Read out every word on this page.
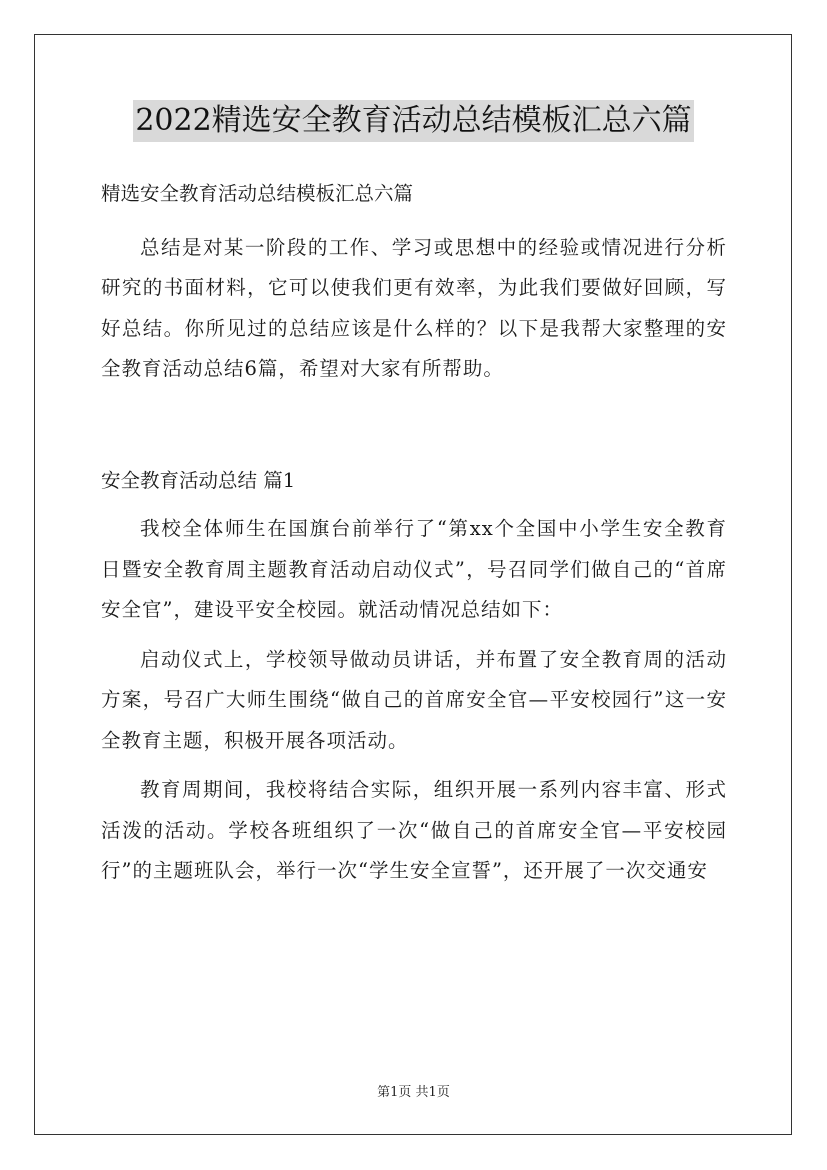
2022精选安全教育活动总结模板汇总六篇

精选安全教育活动总结模板汇总六篇

总结是对某一阶段的工作、学习或思想中的经验或情况进行分析研究的书面材料，它可以使我们更有效率，为此我们要做好回顾，写好总结。你所见过的总结应该是什么样的？以下是我帮大家整理的安全教育活动总结6篇，希望对大家有所帮助。

安全教育活动总结 篇1

我校全体师生在国旗台前举行了“第xx个全国中小学生安全教育日暨安全教育周主题教育活动启动仪式”，号召同学们做自己的“首席安全官”，建设平安全校园。就活动情况总结如下：

启动仪式上，学校领导做动员讲话，并布置了安全教育周的活动方案，号召广大师生围绕“做自己的首席安全官—平安校园行”这一安全教育主题，积极开展各项活动。

教育周期间，我校将结合实际，组织开展一系列内容丰富、形式活泼的活动。学校各班组织了一次“做自己的首席安全官—平安校园行”的主题班队会，举行一次“学生安全宣誓”，还开展了一次交通安

第1页 共1页
